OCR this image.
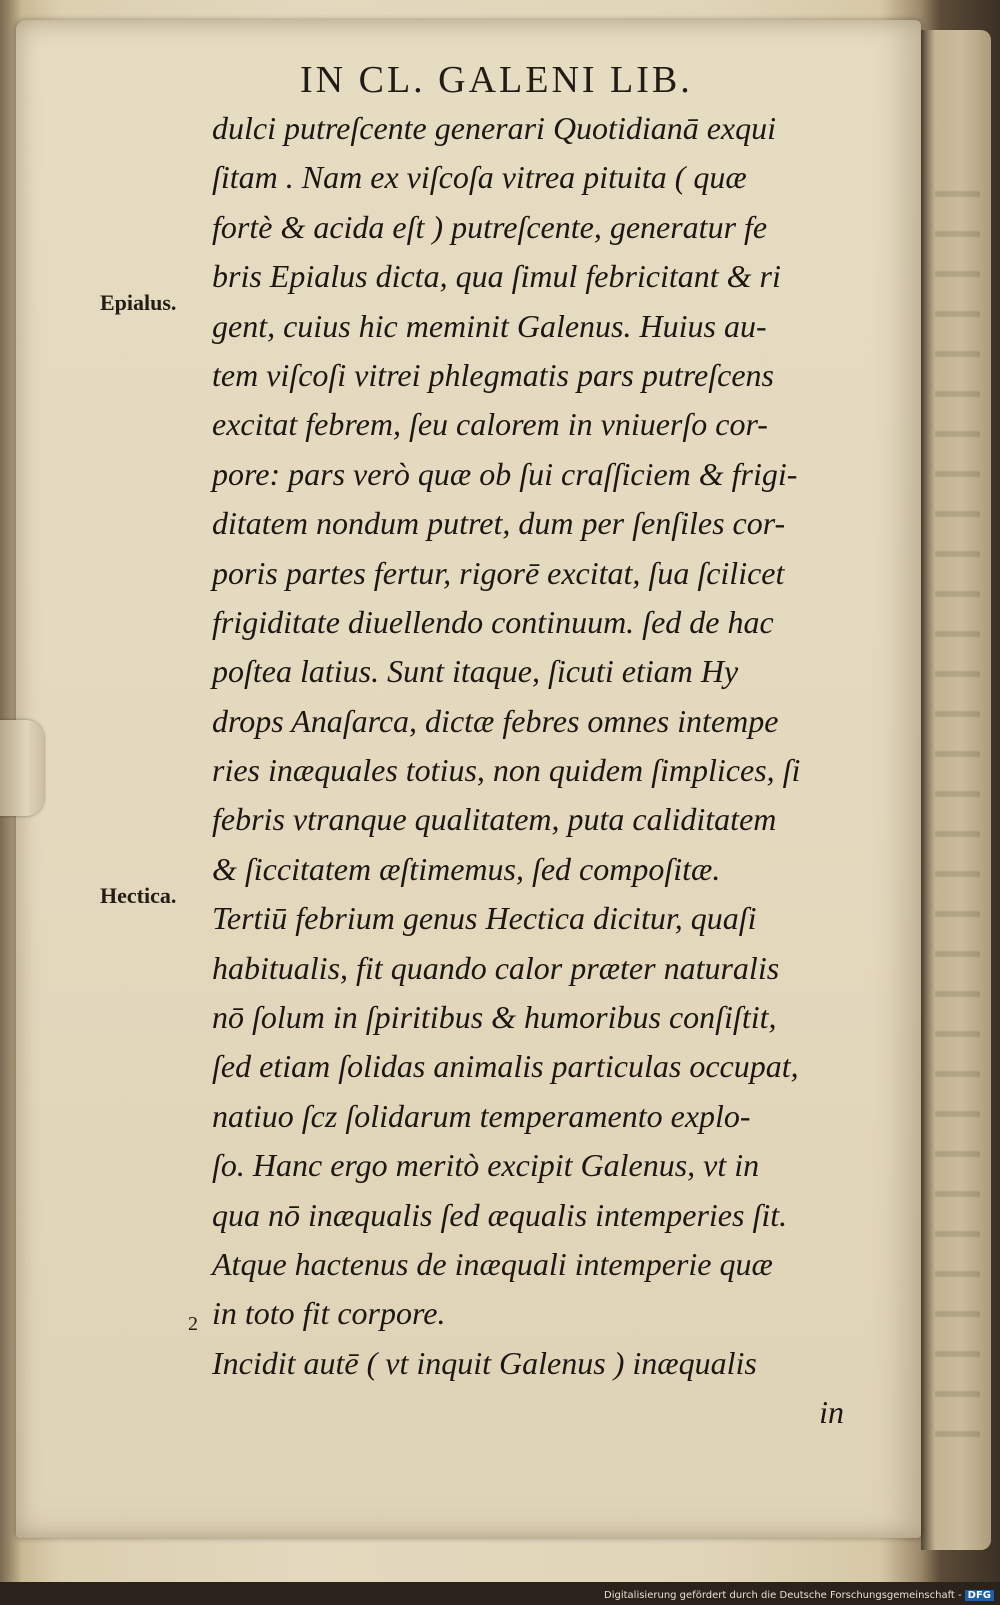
IN CL. GALENI LIB.
Epialus.
Hectica.
2
dulci putreſcente generari Quotidianā exqui
ſitam . Nam ex viſcoſa vitrea pituita ( quæ
fortè & acida eſt ) putreſcente, generatur fe
bris Epialus dicta, qua ſimul febricitant & ri
gent, cuius hic meminit Galenus. Huius au-
tem viſcoſi vitrei phlegmatis pars putreſcens
excitat febrem, ſeu calorem in vniuerſo cor-
pore: pars verò quæ ob ſui craſſiciem & frigi-
ditatem nondum putret, dum per ſenſiles cor-
poris partes fertur, rigorē excitat, ſua ſcilicet
frigiditate diuellendo continuum. ſed de hac
poſtea latius. Sunt itaque, ſicuti etiam Hy
drops Anaſarca, dictæ febres omnes intempe
ries inæquales totius, non quidem ſimplices, ſi
febris vtranque qualitatem, puta caliditatem
& ſiccitatem æſtimemus, ſed compoſitæ.
Tertiū febrium genus Hectica dicitur, quaſi
habitualis, fit quando calor præter naturalis
nō ſolum in ſpiritibus & humoribus conſiſtit,
ſed etiam ſolidas animalis particulas occupat,
natiuo ſcz ſolidarum temperamento explo-
ſo. Hanc ergo meritò excipit Galenus, vt in
qua nō inæqualis ſed æqualis intemperies ſit.
Atque hactenus de inæquali intemperie quæ
in toto fit corpore.
Incidit autē ( vt inquit Galenus ) inæqualis
in
Digitalisierung gefördert durch die Deutsche Forschungsgemeinschaft - DFG
